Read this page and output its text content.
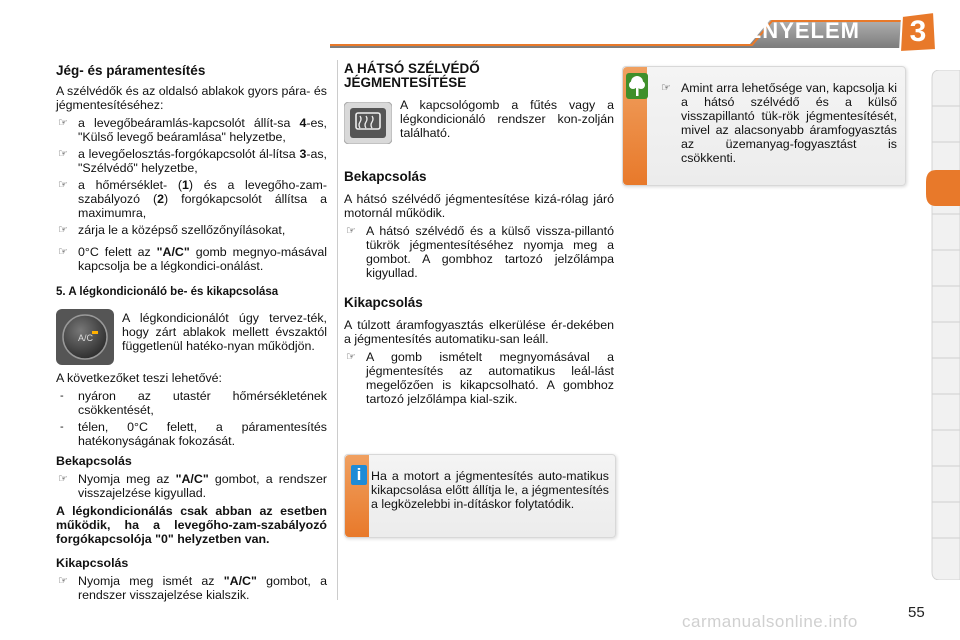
KÉNYELEM	3
Jég- és páramentesítés
A szélvédők és az oldalsó ablakok gyors pára- és jégmentesítéséhez:
☞ a levegőbeáramlás-kapcsolót állít-sa 4-es, "Külső levegő beáramlása" helyzetbe,
☞ a levegőelosztás-forgókapcsolót ál-lítsa 3-as, "Szélvédő" helyzetbe,
☞ a hőmérséklet- (1) és a levegőho-zam-szabályozó (2) forgókapcsolót állítsa a maximumra,
☞ zárja le a középső szellőzőnyílásokat,
☞ 0°C felett az "A/C" gomb megnyo-másával kapcsolja be a légkondici-onálást.
5. A légkondicionáló be- és kikapcsolása
A/C
A légkondicionálót úgy tervez-ték, hogy zárt ablakok mellett évszaktól függetlenül hatéko-nyan működjön.
A következőket teszi lehetővé:
- nyáron az utastér hőmérsékletének csökkentését,
- télen, 0°C felett, a páramentesítés hatékonyságának fokozását.
Bekapcsolás
☞ Nyomja meg az "A/C" gombot, a rendszer visszajelzése kigyullad.
A légkondicionálás csak abban az esetben működik, ha a levegőho-zam-szabályozó forgókapcsolója "0" helyzetben van.
Kikapcsolás
☞ Nyomja meg ismét az "A/C" gombot, a rendszer visszajelzése kialszik.
A HÁTSÓ SZÉLVÉDŐ
JÉGMENTESÍTÉSE
A kapcsológomb a fűtés vagy a légkondicionáló rendszer kon-zolján található.
Bekapcsolás
A hátsó szélvédő jégmentesítése kizá-rólag járó motornál működik.
☞ A hátsó szélvédő és a külső vissza-pillantó tükrök jégmentesítéséhez nyomja meg a gombot. A gombhoz tartozó jelzőlámpa kigyullad.
Kikapcsolás
A túlzott áramfogyasztás elkerülése ér-dekében a jégmentesítés automatiku-san leáll.
☞ A gomb ismételt megnyomásával a jégmentesítés az automatikus leál-lást megelőzően is kikapcsolható. A gombhoz tartozó jelzőlámpa kial-szik.
i Ha a motort a jégmentesítés auto-matikus kikapcsolása előtt állítja le, a jégmentesítés a legközelebbi in-dításkor folytatódik.
☞ Amint arra lehetősége van, kapcsolja ki a hátsó szélvédő és a külső visszapillantó tük-rök jégmentesítését, mivel az alacsonyabb áramfogyasztás az üzemanyag-fogyasztást is csökkenti.
carmanualsonline.info	55
